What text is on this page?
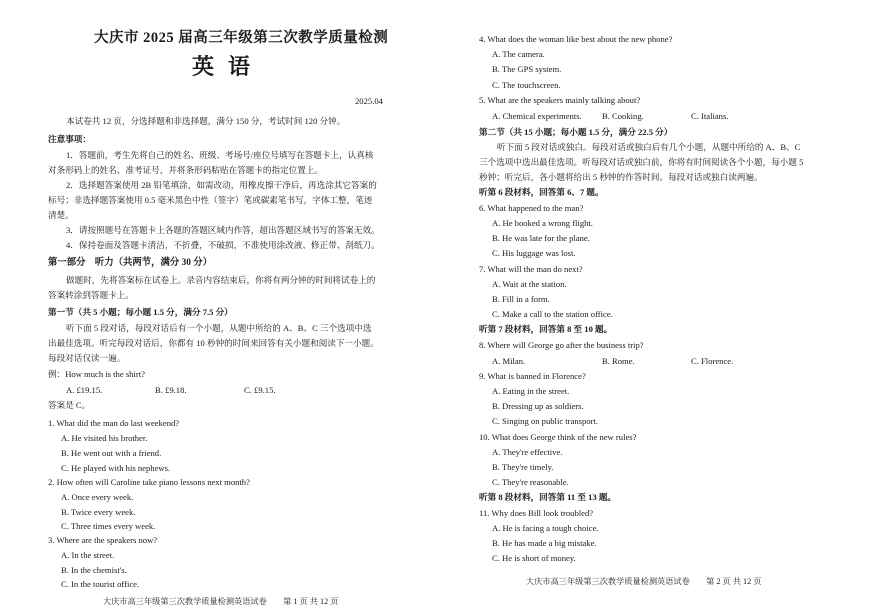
大庆市 2025 届高三年级第三次教学质量检测
英语
2025.04
本试卷共 12 页，分选择题和非选择题，满分 150 分，考试时间 120 分钟。
注意事项：
1．答题前，考生先将自己的姓名、班级、考场号/座位号填写在答题卡上，认真核
对条形码上的姓名、准考证号，并将条形码粘贴在答题卡的指定位置上。
2．选择题答案使用 2B 铅笔填涂，如需改动，用橡皮擦干净后，再选涂其它答案的
标号；非选择题答案使用 0.5 毫米黑色中性（签字）笔或碳素笔书写，字体工整，笔迹
清楚。
3．请按照题号在答题卡上各题的答题区域内作答，超出答题区域书写的答案无效。
4．保持卷面及答题卡清洁，不折叠，不破损，不准使用涂改液、修正带、刮纸刀。
第一部分　听力（共两节，满分 30 分）
做题时，先将答案标在试卷上。录音内容结束后，你将有两分钟的时间将试卷上的
答案转涂到答题卡上。
第一节（共 5 小题；每小题 1.5 分，满分 7.5 分）
听下面 5 段对话，每段对话后有一个小题，从题中所给的 A、B、C 三个选项中选
出最佳选项。听完每段对话后，你都有 10 秒钟的时间来回答有关小题和阅读下一小题。
每段对话仅读一遍。
例：How much is the shirt?
A. £19.15.	B. £9.18.	C. £9.15.
答案是 C。
1. What did the man do last weekend?
A. He visited his brother.
B. He went out with a friend.
C. He played with his nephews.
2. How often will Caroline take piano lessons next month?
A. Once every week.
B. Twice every week.
C. Three times every week.
3. Where are the speakers now?
A. In the street.
B. In the chemist's.
C. In the tourist office.
大庆市高三年级第三次教学质量检测英语试卷　　第 1 页 共 12 页
4. What does the woman like best about the new phone?
A. The camera.
B. The GPS system.
C. The touchscreen.
5. What are the speakers mainly talking about?
A. Chemical experiments. B. Cooking.	C. Italians.
第二节（共 15 小题；每小题 1.5 分，满分 22.5 分）
听下面 5 段对话或独白。每段对话或独白后有几个小题，从题中所给的 A、B、C
三个选项中选出最佳选项。听每段对话或独白前，你将有时间阅读各个小题，每小题 5
秒钟；听完后，各小题将给出 5 秒钟的作答时间。每段对话或独白读两遍。
听第 6 段材料，回答第 6、7 题。
6. What happened to the man?
A. He booked a wrong flight.
B. He was late for the plane.
C. His luggage was lost.
7. What will the man do next?
A. Wait at the station.
B. Fill in a form.
C. Make a call to the station office.
听第 7 段材料，回答第 8 至 10 题。
8. Where will George go after the business trip?
A. Milan.	B. Rome.	C. Florence.
9. What is banned in Florence?
A. Eating in the street.
B. Dressing up as soldiers.
C. Singing on public transport.
10. What does George think of the new rules?
A. They're effective.
B. They're timely.
C. They're reasonable.
听第 8 段材料，回答第 11 至 13 题。
11. Why does Bill look troubled?
A. He is facing a tough choice.
B. He has made a big mistake.
C. He is short of money.
大庆市高三年级第三次教学质量检测英语试卷　　第 2 页 共 12 页
